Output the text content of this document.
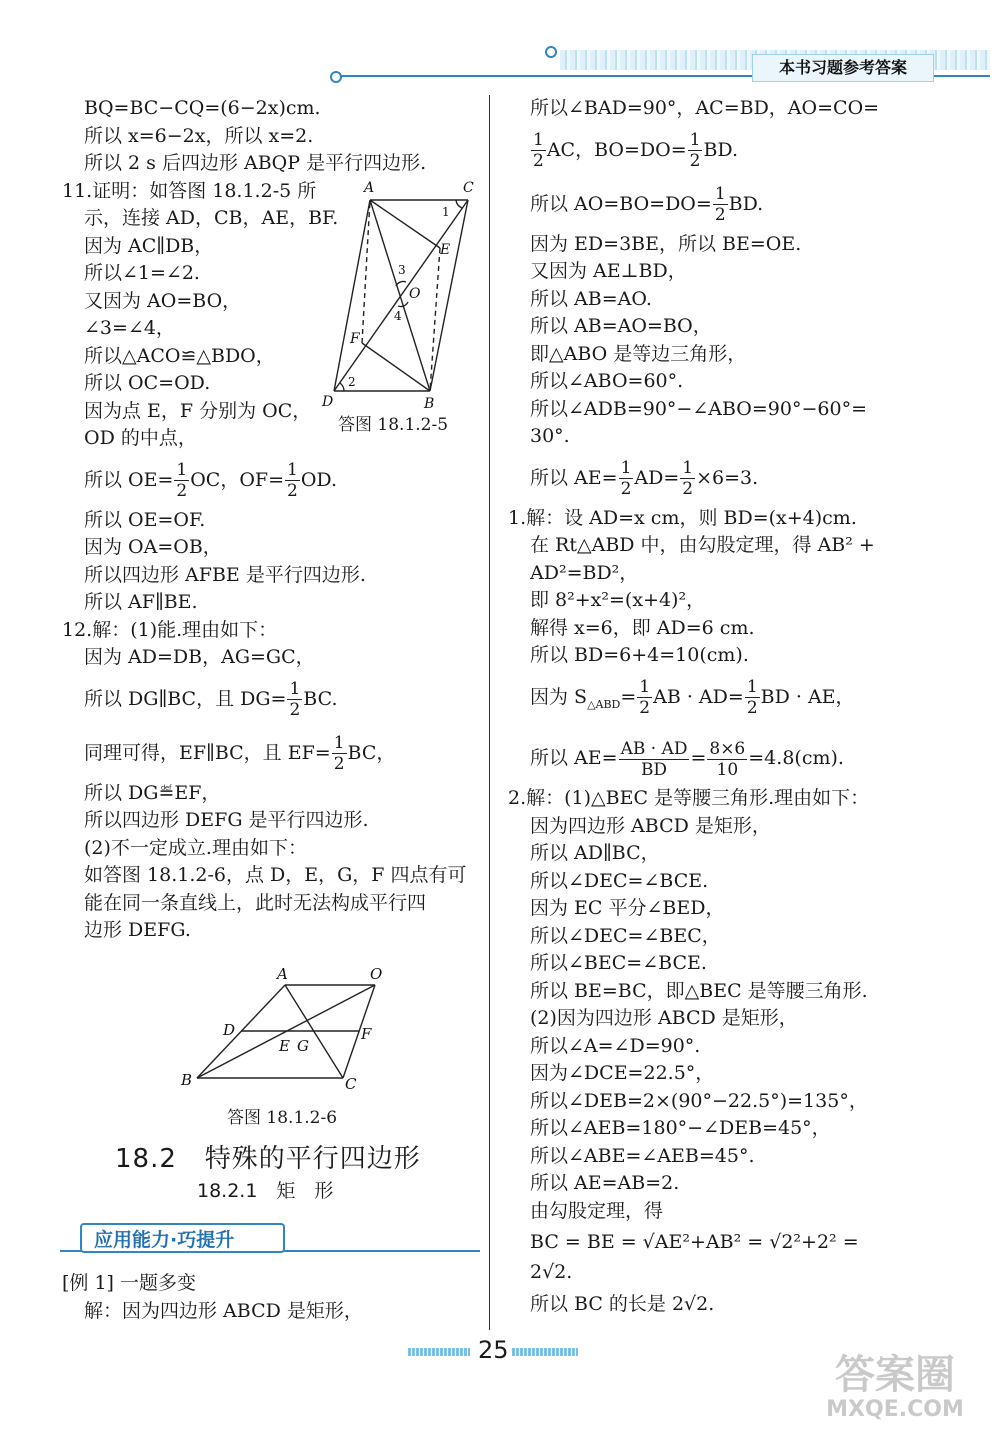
本书习题参考答案

BQ=BC−CQ=(6−2x)cm.

所以 x=6−2x，所以 x=2.

所以 2 s 后四边形 ABQP 是平行四边形.

11.证明：如答图 18.1.2-5 所

示，连接 AD，CB，AE，BF.

因为 AC∥DB，

所以∠1=∠2.

又因为 AO=BO，

∠3=∠4，

所以△ACO≌△BDO，

所以 OC=OD.

因为点 E，F 分别为 OC，

OD 的中点，

所以 $OE= \frac{1}{2}$ OC，$OF= \frac{1}{2}$ OD.

所以 OE=OF.

因为 OA=OB，

所以四边形 AFBE 是平行四边形.

所以 AF∥BE.

12.解：(1)能.理由如下：

因为 AD=DB，AG=GC，

所以 DG∥BC，且 $DG= \frac{1}{2}$ BC.

同理可得，EF∥BC，且 $EF= \frac{1}{2}$ BC，

所以 DG≝EF，

所以四边形 DEFG 是平行四边形.

(2)不一定成立.理由如下：

如答图 18.1.2-6，点 D，E，G，F 四点有可

能在同一条直线上，此时无法构成平行四

边形 DEFG.

A	C
1
E
3
O
4
F
2
D	B
答图 18.1.2-5
A	O
D	F
E G
B	C
答图 18.1.2-6
18.2 特殊的平行四边形
18.2.1　矩　形
应用能力·巧提升

[例 1] 一题多变

解：因为四边形 ABCD 是矩形，

所以∠BAD=90°，AC=BD，AO=CO=

$\frac{1}{2}$ AC，$BO=DO= \frac{1}{2}$ BD.

所以 $AO=BO=DO= \frac{1}{2}$ BD.

因为 ED=3BE，所以 BE=OE.

又因为 AE⊥BD，

所以 AB=AO.

所以 AB=AO=BO，

即△ABO 是等边三角形，

所以∠ABO=60°.

所以∠ADB=90°−∠ABO=90°−60°=

30°.

所以 $AE= \frac{1}{2} AD= \frac{1}{2} \times 6=3$.

1.解：设 AD=x cm，则 BD=(x+4)cm.

在 Rt△ABD 中，由勾股定理，得 AB² +

AD²=BD²，

即 8²+x²=(x+4)²，

解得 x=6，即 AD=6 cm.

所以 BD=6+4=10(cm).

因为 $S_{\triangle ABD}= \frac{1}{2}$ AB · $AD= \frac{1}{2}$ BD · AE，

所以 $AE= \frac{AB \cdot AD}{BD} = \frac{8\times 6}{10} =4.8(cm)$.

2.解：(1)△BEC 是等腰三角形.理由如下：

因为四边形 ABCD 是矩形，

所以 AD∥BC，

所以∠DEC=∠BCE.

因为 EC 平分∠BED，

所以∠DEC=∠BEC，

所以∠BEC=∠BCE.

所以 BE=BC，即△BEC 是等腰三角形.

(2)因为四边形 ABCD 是矩形，

所以∠A=∠D=90°.

因为∠DCE=22.5°，

所以∠DEB=2×(90°−22.5°)=135°，

所以∠AEB=180°−∠DEB=45°，

所以∠ABE=∠AEB=45°.

所以 AE=AB=2.

由勾股定理，得

BC = BE = √AE²+AB² = √2²+2² =

2√2.

所以 BC 的长是 2√2.

25
答案圈
MXQE.COM
